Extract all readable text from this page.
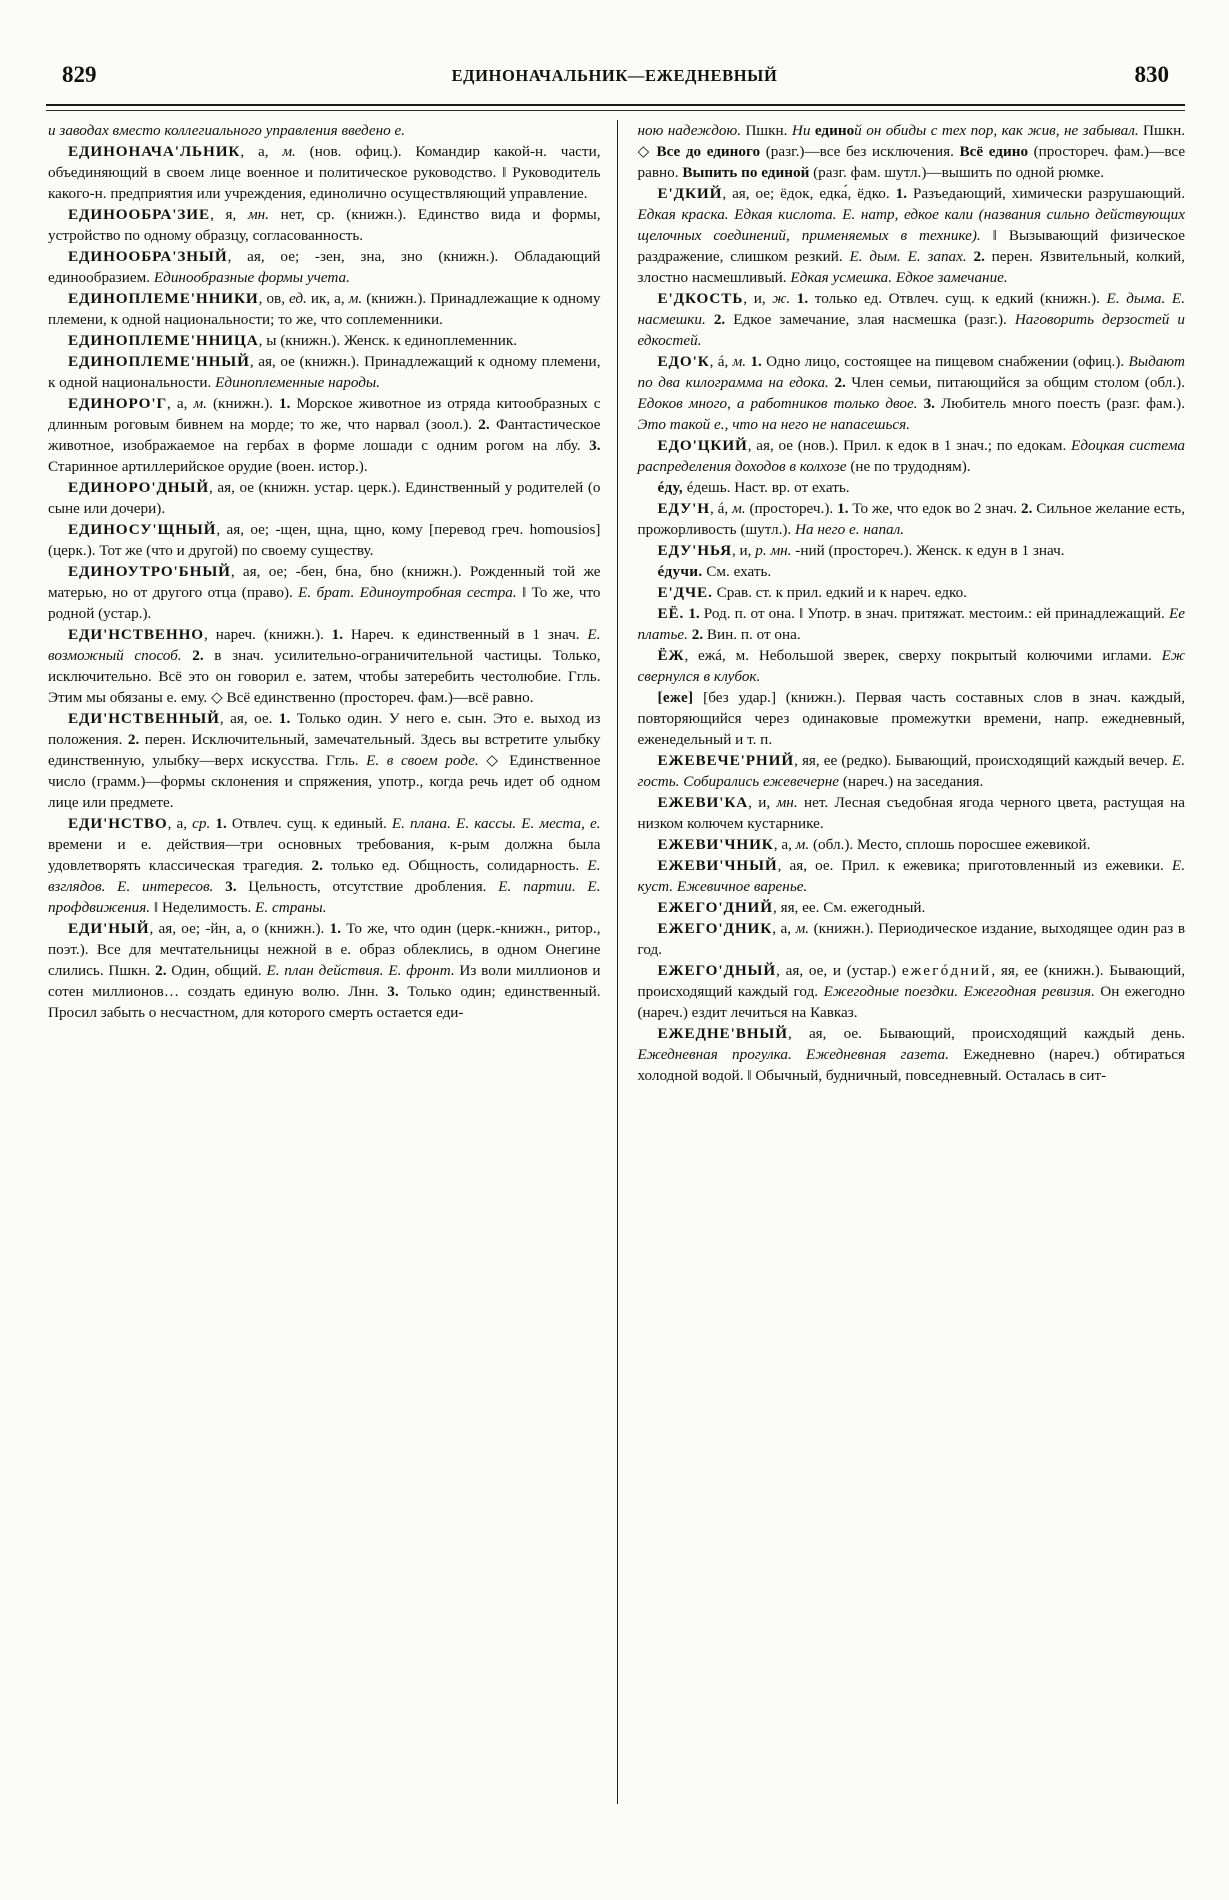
829	ЕДИНОНАЧАЛЬНИК—ЕЖЕДНЕВНЫЙ	830

и заводах вместо коллегиального управления введено е.

ЕДИНОНАЧА'ЛЬНИК, а, м. (нов. офиц.). Командир какой-н. части, объединяющий в своем лице военное и политическое руководство. ‖ Руководитель какого-н. предприятия или учреждения, единолично осуществляющий управление.

ЕДИНООБРА'ЗИЕ, я, мн. нет, ср. (книжн.). Единство вида и формы, устройство по одному образцу, согласованность.

ЕДИНООБРА'ЗНЫЙ, ая, ое; -зен, зна, зно (книжн.). Обладающий единообразием. Единообразные формы учета.

ЕДИНОПЛЕМЕ'ННИКИ, ов, ед. ик, а, м. (книжн.). Принадлежащие к одному племени, к одной национальности; то же, что соплеменники.

ЕДИНОПЛЕМЕ'ННИЦА, ы (книжн.). Женск. к единоплеменник.

ЕДИНОПЛЕМЕ'ННЫЙ, ая, ое (книжн.). Принадлежащий к одному племени, к одной национальности. Единоплеменные народы.

ЕДИНОРО'Г, а, м. (книжн.). 1. Морское животное из отряда китообразных с длинным роговым бивнем на морде; то же, что нарвал (зоол.). 2. Фантастическое животное, изображаемое на гербах в форме лошади с одним рогом на лбу. 3. Старинное артиллерийское орудие (воен. истор.).

ЕДИНОРО'ДНЫЙ, ая, ое (книжн. устар. церк.). Единственный у родителей (о сыне или дочери).

ЕДИНОСУ'ЩНЫЙ, ая, ое; -щен, щна, щно, кому [перевод греч. homousios] (церк.). Тот же (что и другой) по своему существу.

ЕДИНОУТРО'БНЫЙ, ая, ое; -бен, бна, бно (книжн.). Рожденный той же матерью, но от другого отца (право). Е. брат. Единоутробная сестра. ‖ То же, что родной (устар.).

ЕДИ'НСТВЕННО, нареч. (книжн.). 1. Нареч. к единственный в 1 знач. Е. возможный способ. 2. в знач. усилительно-ограничительной частицы. Только, исключительно. Всё это он говорил е. затем, чтобы затеребить честолюбие. Ггль. Этим мы обязаны е. ему. ◇ Всё единственно (простореч. фам.)—всё равно.

ЕДИ'НСТВЕННЫЙ, ая, ое. 1. Только один. У него е. сын. Это е. выход из положения. 2. перен. Исключительный, замечательный. Здесь вы встретите улыбку единственную, улыбку—верх искусства. Ггль. Е. в своем роде. ◇ Единственное число (грамм.)—формы склонения и спряжения, употр., когда речь идет об одном лице или предмете.

ЕДИ'НСТВО, а, ср. 1. Отвлеч. сущ. к единый. Е. плана. Е. кассы. Е. места, е. времени и е. действия—три основных требования, к-рым должна была удовлетворять классическая трагедия. 2. только ед. Общность, солидарность. Е. взглядов. Е. интересов. 3. Цельность, отсутствие дробления. Е. партии. Е. профдвижения. ‖ Неделимость. Е. страны.

ЕДИ'НЫЙ, ая, ое; -йн, а, о (книжн.). 1. То же, что один (церк.-книжн., ритор., поэт.). Все для мечтательницы нежной в е. образ облеклись, в одном Онегине слились. Пшкн. 2. Один, общий. Е. план действия. Е. фронт. Из воли миллионов и сотен миллионов… создать единую волю. Лнн. 3. Только один; единственный. Просил забыть о несчастном, для которого смерть остается еди-

ною надеждою. Пшкн. Ни единой он обиды с тех пор, как жив, не забывал. Пшкн. ◇ Все до единого (разг.)—все без исключения. Всё едино (простореч. фам.)—все равно. Выпить по единой (разг. фам. шутл.)—вышить по одной рюмке.

Е'ДКИЙ, ая, ое; ёдок, едка́, ёдко. 1. Разъедающий, химически разрушающий. Едкая краска. Едкая кислота. Е. натр, едкое кали (названия сильно действующих щелочных соединений, применяемых в технике). ‖ Вызывающий физическое раздражение, слишком резкий. Е. дым. Е. запах. 2. перен. Язвительный, колкий, злостно насмешливый. Едкая усмешка. Едкое замечание.

Е'ДКОСТЬ, и, ж. 1. только ед. Отвлеч. сущ. к едкий (книжн.). Е. дыма. Е. насмешки. 2. Едкое замечание, злая насмешка (разг.). Наговорить дерзостей и едкостей.

ЕДО'К, á, м. 1. Одно лицо, состоящее на пищевом снабжении (офиц.). Выдают по два килограмма на едока. 2. Член семьи, питающийся за общим столом (обл.). Едоков много, а работников только двое. 3. Любитель много поесть (разг. фам.). Это такой е., что на него не напасешься.

ЕДО'ЦКИЙ, ая, ое (нов.). Прил. к едок в 1 знач.; по едокам. Едоцкая система распределения доходов в колхозе (не по трудодням).

éду, éдешь. Наст. вр. от ехать.

ЕДУ'Н, á, м. (простореч.). 1. То же, что едок во 2 знач. 2. Сильное желание есть, прожорливость (шутл.). На него е. напал.

ЕДУ'НЬЯ, и, р. мн. -ний (простореч.). Женск. к едун в 1 знач.

éдучи. См. ехать.

Е'ДЧЕ. Срав. ст. к прил. едкий и к нареч. едко.

ЕЁ. 1. Род. п. от она. ‖ Употр. в знач. притяжат. местоим.: ей принадлежащий. Ее платье. 2. Вин. п. от она.

ЁЖ, ежá, м. Небольшой зверек, сверху покрытый колючими иглами. Еж свернулся в клубок.

[еже] [без удар.] (книжн.). Первая часть составных слов в знач. каждый, повторяющийся через одинаковые промежутки времени, напр. ежедневный, еженедельный и т. п.

ЕЖЕВЕЧЕ'РНИЙ, яя, ее (редко). Бывающий, происходящий каждый вечер. Е. гость. Собирались ежевечерне (нареч.) на заседания.

ЕЖЕВИ'КА, и, мн. нет. Лесная съедобная ягода черного цвета, растущая на низком колючем кустарнике.

ЕЖЕВИ'ЧНИК, а, м. (обл.). Место, сплошь поросшее ежевикой.

ЕЖЕВИ'ЧНЫЙ, ая, ое. Прил. к ежевика; приготовленный из ежевики. Е. куст. Ежевичное варенье.

ЕЖЕГО'ДНИЙ, яя, ее. См. ежегодный.

ЕЖЕГО'ДНИК, а, м. (книжн.). Периодическое издание, выходящее один раз в год.

ЕЖЕГО'ДНЫЙ, ая, ое, и (устар.) ежегóдний, яя, ее (книжн.). Бывающий, происходящий каждый год. Ежегодные поездки. Ежегодная ревизия. Он ежегодно (нареч.) ездит лечиться на Кавказ.

ЕЖЕДНЕ'ВНЫЙ, ая, ое. Бывающий, происходящий каждый день. Ежедневная прогулка. Ежедневная газета. Ежедневно (нареч.) обтираться холодной водой. ‖ Обычный, будничный, повседневный. Осталась в сит-
